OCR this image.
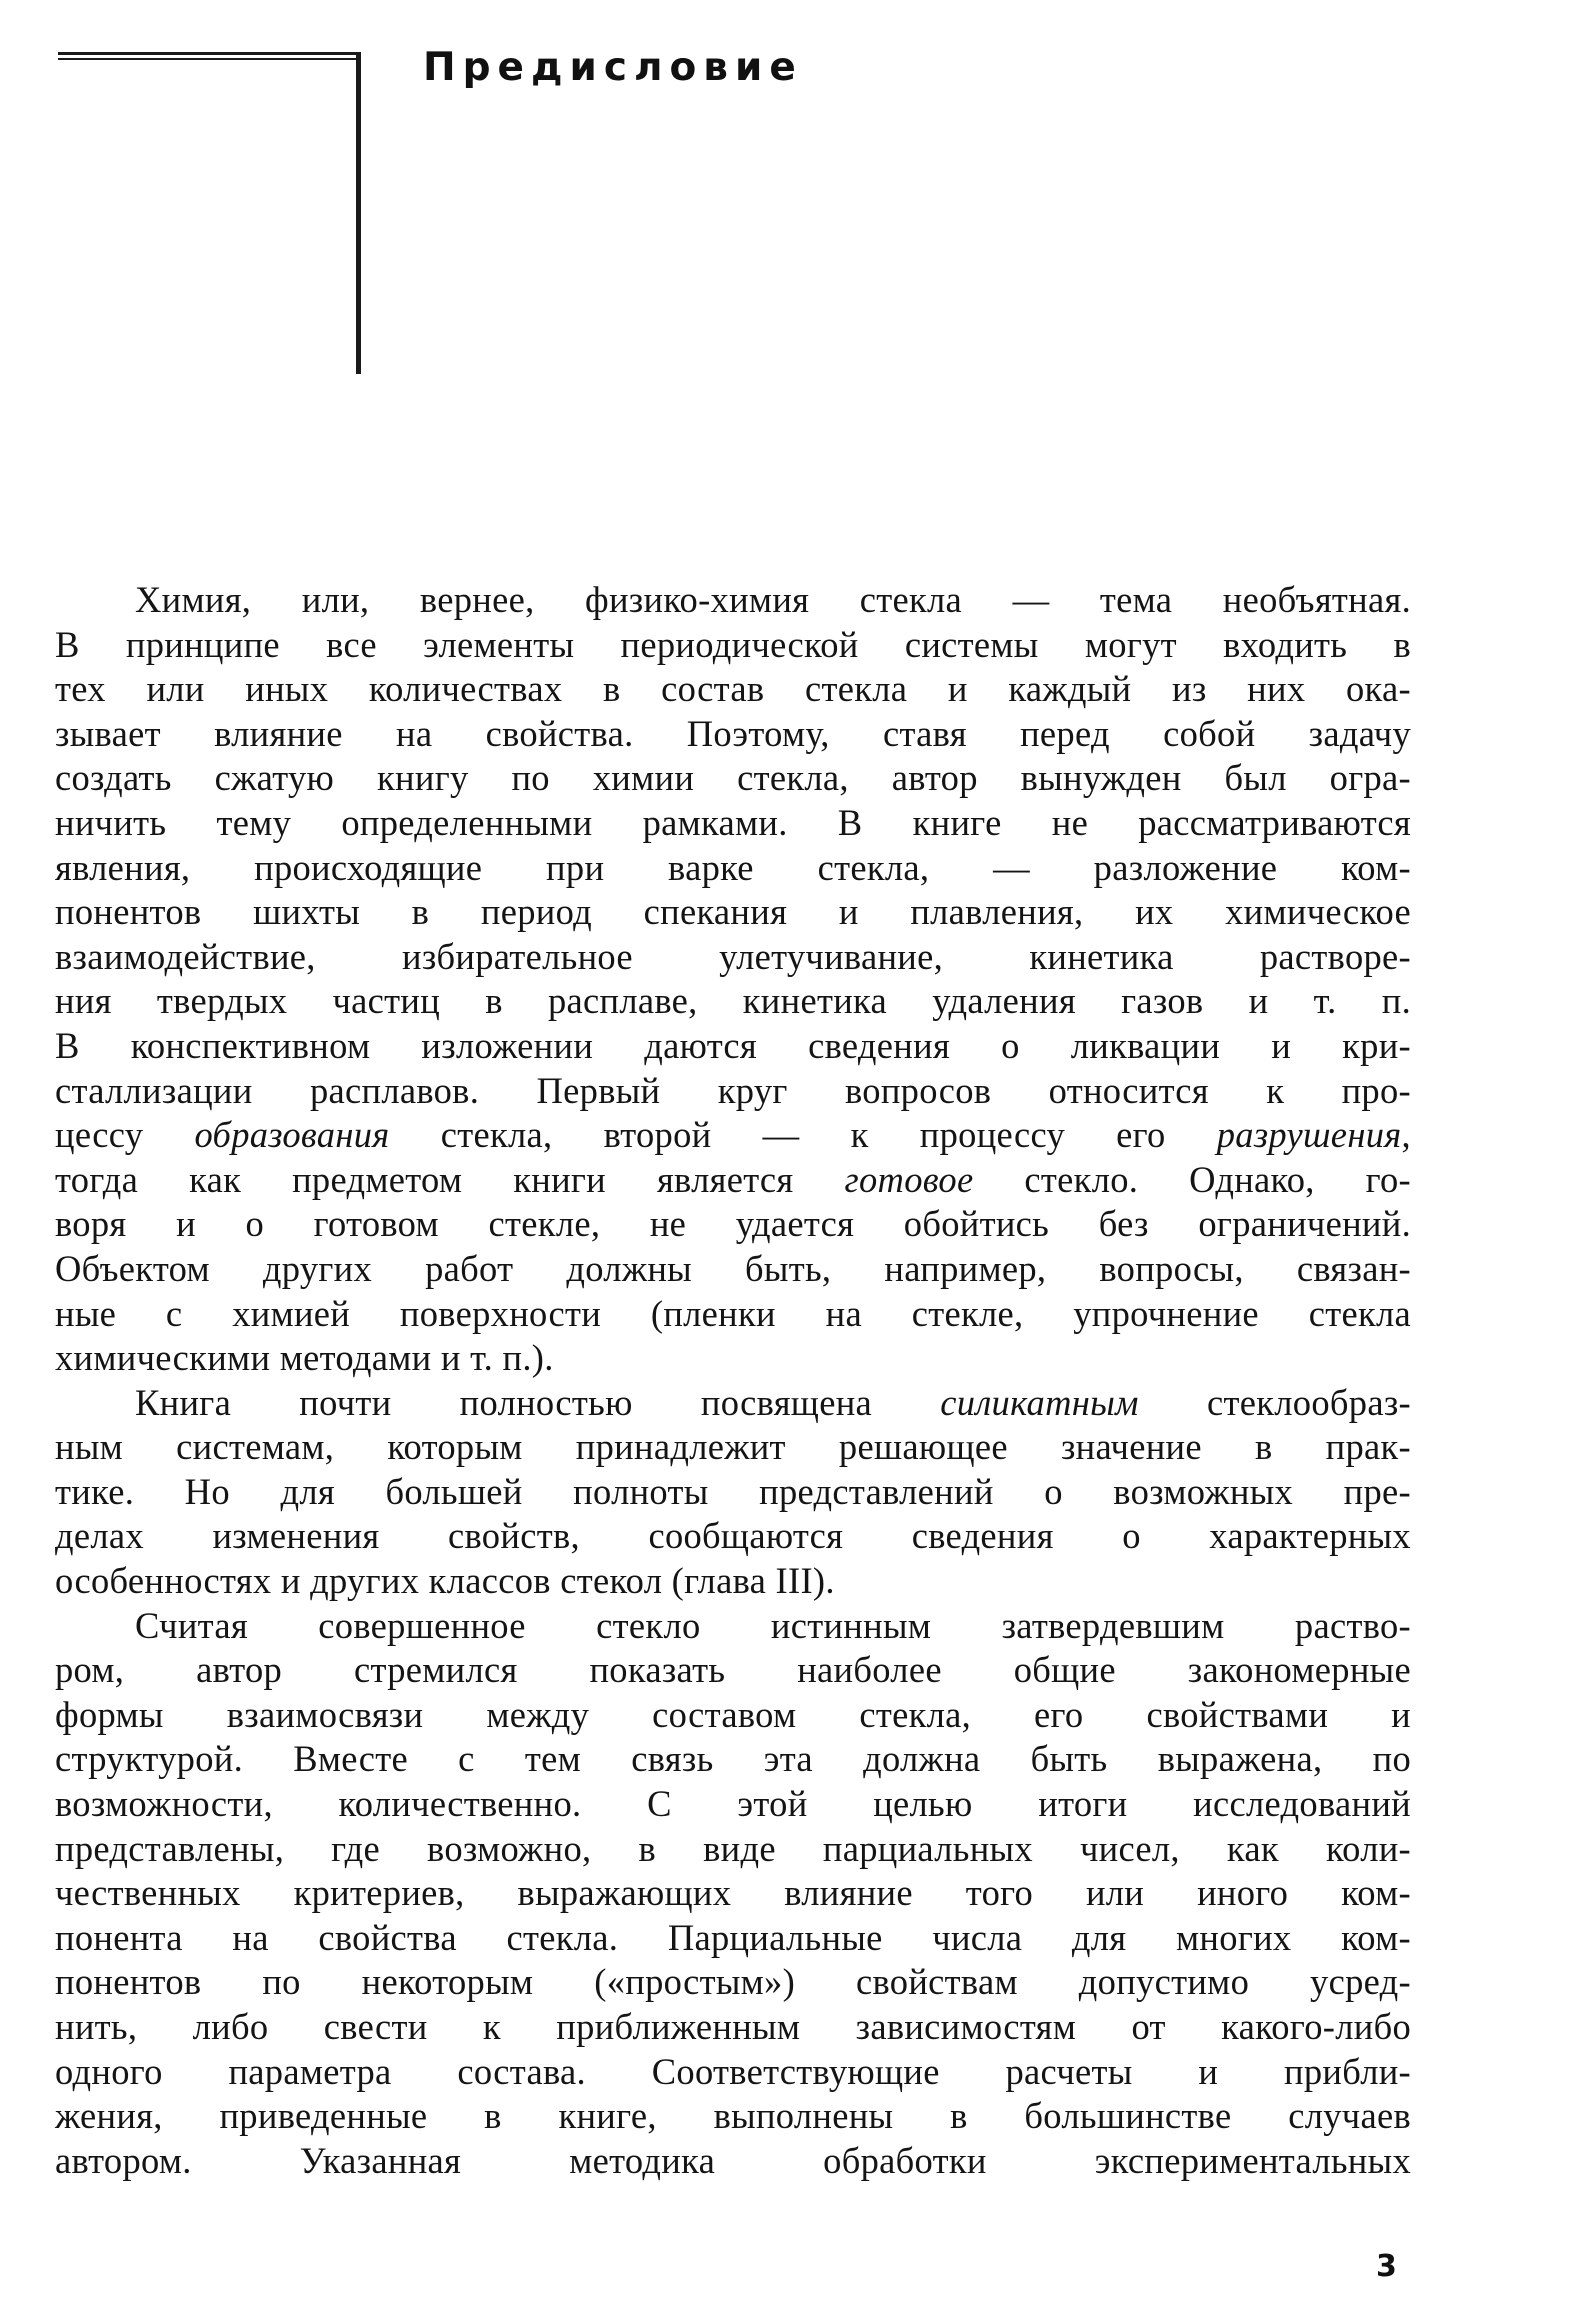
Предисловие

Химия, или, вернее, физико-химия стекла — тема необъятная.
В принципе все элементы периодической системы могут входить в
тех или иных количествах в состав стекла и каждый из них ока-
зывает влияние на свойства. Поэтому, ставя перед собой задачу
создать сжатую книгу по химии стекла, автор вынужден был огра-
ничить тему определенными рамками. В книге не рассматриваются
явления, происходящие при варке стекла, — разложение ком-
понентов шихты в период спекания и плавления, их химическое
взаимодействие, избирательное улетучивание, кинетика растворе-
ния твердых частиц в расплаве, кинетика удаления газов и т. п.
В конспективном изложении даются сведения о ликвации и кри-
сталлизации расплавов. Первый круг вопросов относится к про-
цессу образования стекла, второй — к процессу его разрушения,
тогда как предметом книги является готовое стекло. Однако, го-
воря и о готовом стекле, не удается обойтись без ограничений.
Объектом других работ должны быть, например, вопросы, связан-
ные с химией поверхности (пленки на стекле, упрочнение стекла
химическими методами и т. п.).

Книга почти полностью посвящена силикатным стеклообраз-
ным системам, которым принадлежит решающее значение в прак-
тике. Но для большей полноты представлений о возможных пре-
делах изменения свойств, сообщаются сведения о характерных
особенностях и других классов стекол (глава III).

Считая совершенное стекло истинным затвердевшим раство-
ром, автор стремился показать наиболее общие закономерные
формы взаимосвязи между составом стекла, его свойствами и
структурой. Вместе с тем связь эта должна быть выражена, по
возможности, количественно. С этой целью итоги исследований
представлены, где возможно, в виде парциальных чисел, как коли-
чественных критериев, выражающих влияние того или иного ком-
понента на свойства стекла. Парциальные числа для многих ком-
понентов по некоторым («простым») свойствам допустимо усред-
нить, либо свести к приближенным зависимостям от какого-либо
одного параметра состава. Соответствующие расчеты и прибли-
жения, приведенные в книге, выполнены в большинстве случаев
автором. Указанная методика обработки экспериментальных

3
